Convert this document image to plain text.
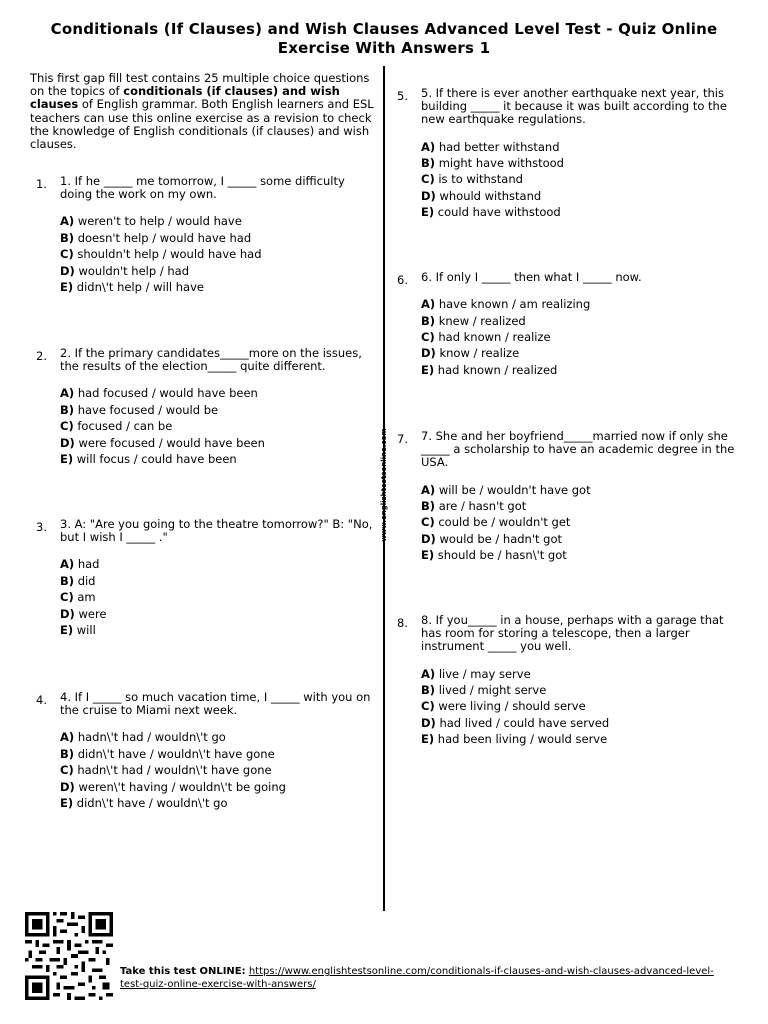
Conditionals (If Clauses) and Wish Clauses Advanced Level Test - Quiz Online Exercise With Answers 1
This first gap fill test contains 25 multiple choice questions on the topics of conditionals (if clauses) and wish clauses of English grammar. Both English learners and ESL teachers can use this online exercise as a revision to check the knowledge of English conditionals (if clauses) and wish clauses.
www.englishtestsonline.com
1. 1. If he _____ me tomorrow, I _____ some difficulty doing the work on my own.
A) weren't to help / would have
B) doesn't help / would have had
C) shouldn't help / would have had
D) wouldn't help / had
E) didn\'t help / will have
2. 2. If the primary candidates_____more on the issues, the results of the election_____ quite different.
A) had focused / would have been
B) have focused / would be
C) focused / can be
D) were focused / would have been
E) will focus / could have been
3. 3. A: "Are you going to the theatre tomorrow?" B: "No, but I wish I _____ ."
A) had
B) did
C) am
D) were
E) will
4. 4. If I _____ so much vacation time, I _____ with you on the cruise to Miami next week.
A) hadn\'t had / wouldn\'t go
B) didn\'t have / wouldn\'t have gone
C) hadn\'t had / wouldn\'t have gone
D) weren\'t having / wouldn\'t be going
E) didn\'t have / wouldn\'t go
5. 5. If there is ever another earthquake next year, this building _____ it because it was built according to the new earthquake regulations.
A) had better withstand
B) might have withstood
C) is to withstand
D) whould withstand
E) could have withstood
6. 6. If only I _____ then what I _____ now.
A) have known / am realizing
B) knew / realized
C) had known / realize
D) know / realize
E) had known / realized
7. 7. She and her boyfriend_____married now if only she _____ a scholarship to have an academic degree in the USA.
A) will be / wouldn't have got
B) are / hasn't got
C) could be / wouldn't get
D) would be / hadn't got
E) should be / hasn\'t got
8. 8. If you_____ in a house, perhaps with a garage that has room for storing a telescope, then a larger instrument _____ you well.
A) live / may serve
B) lived / might serve
C) were living / should serve
D) had lived / could have served
E) had been living / would serve
Take this test ONLINE: https://www.englishtestsonline.com/conditionals-if-clauses-and-wish-clauses-advanced-level-test-quiz-online-exercise-with-answers/
